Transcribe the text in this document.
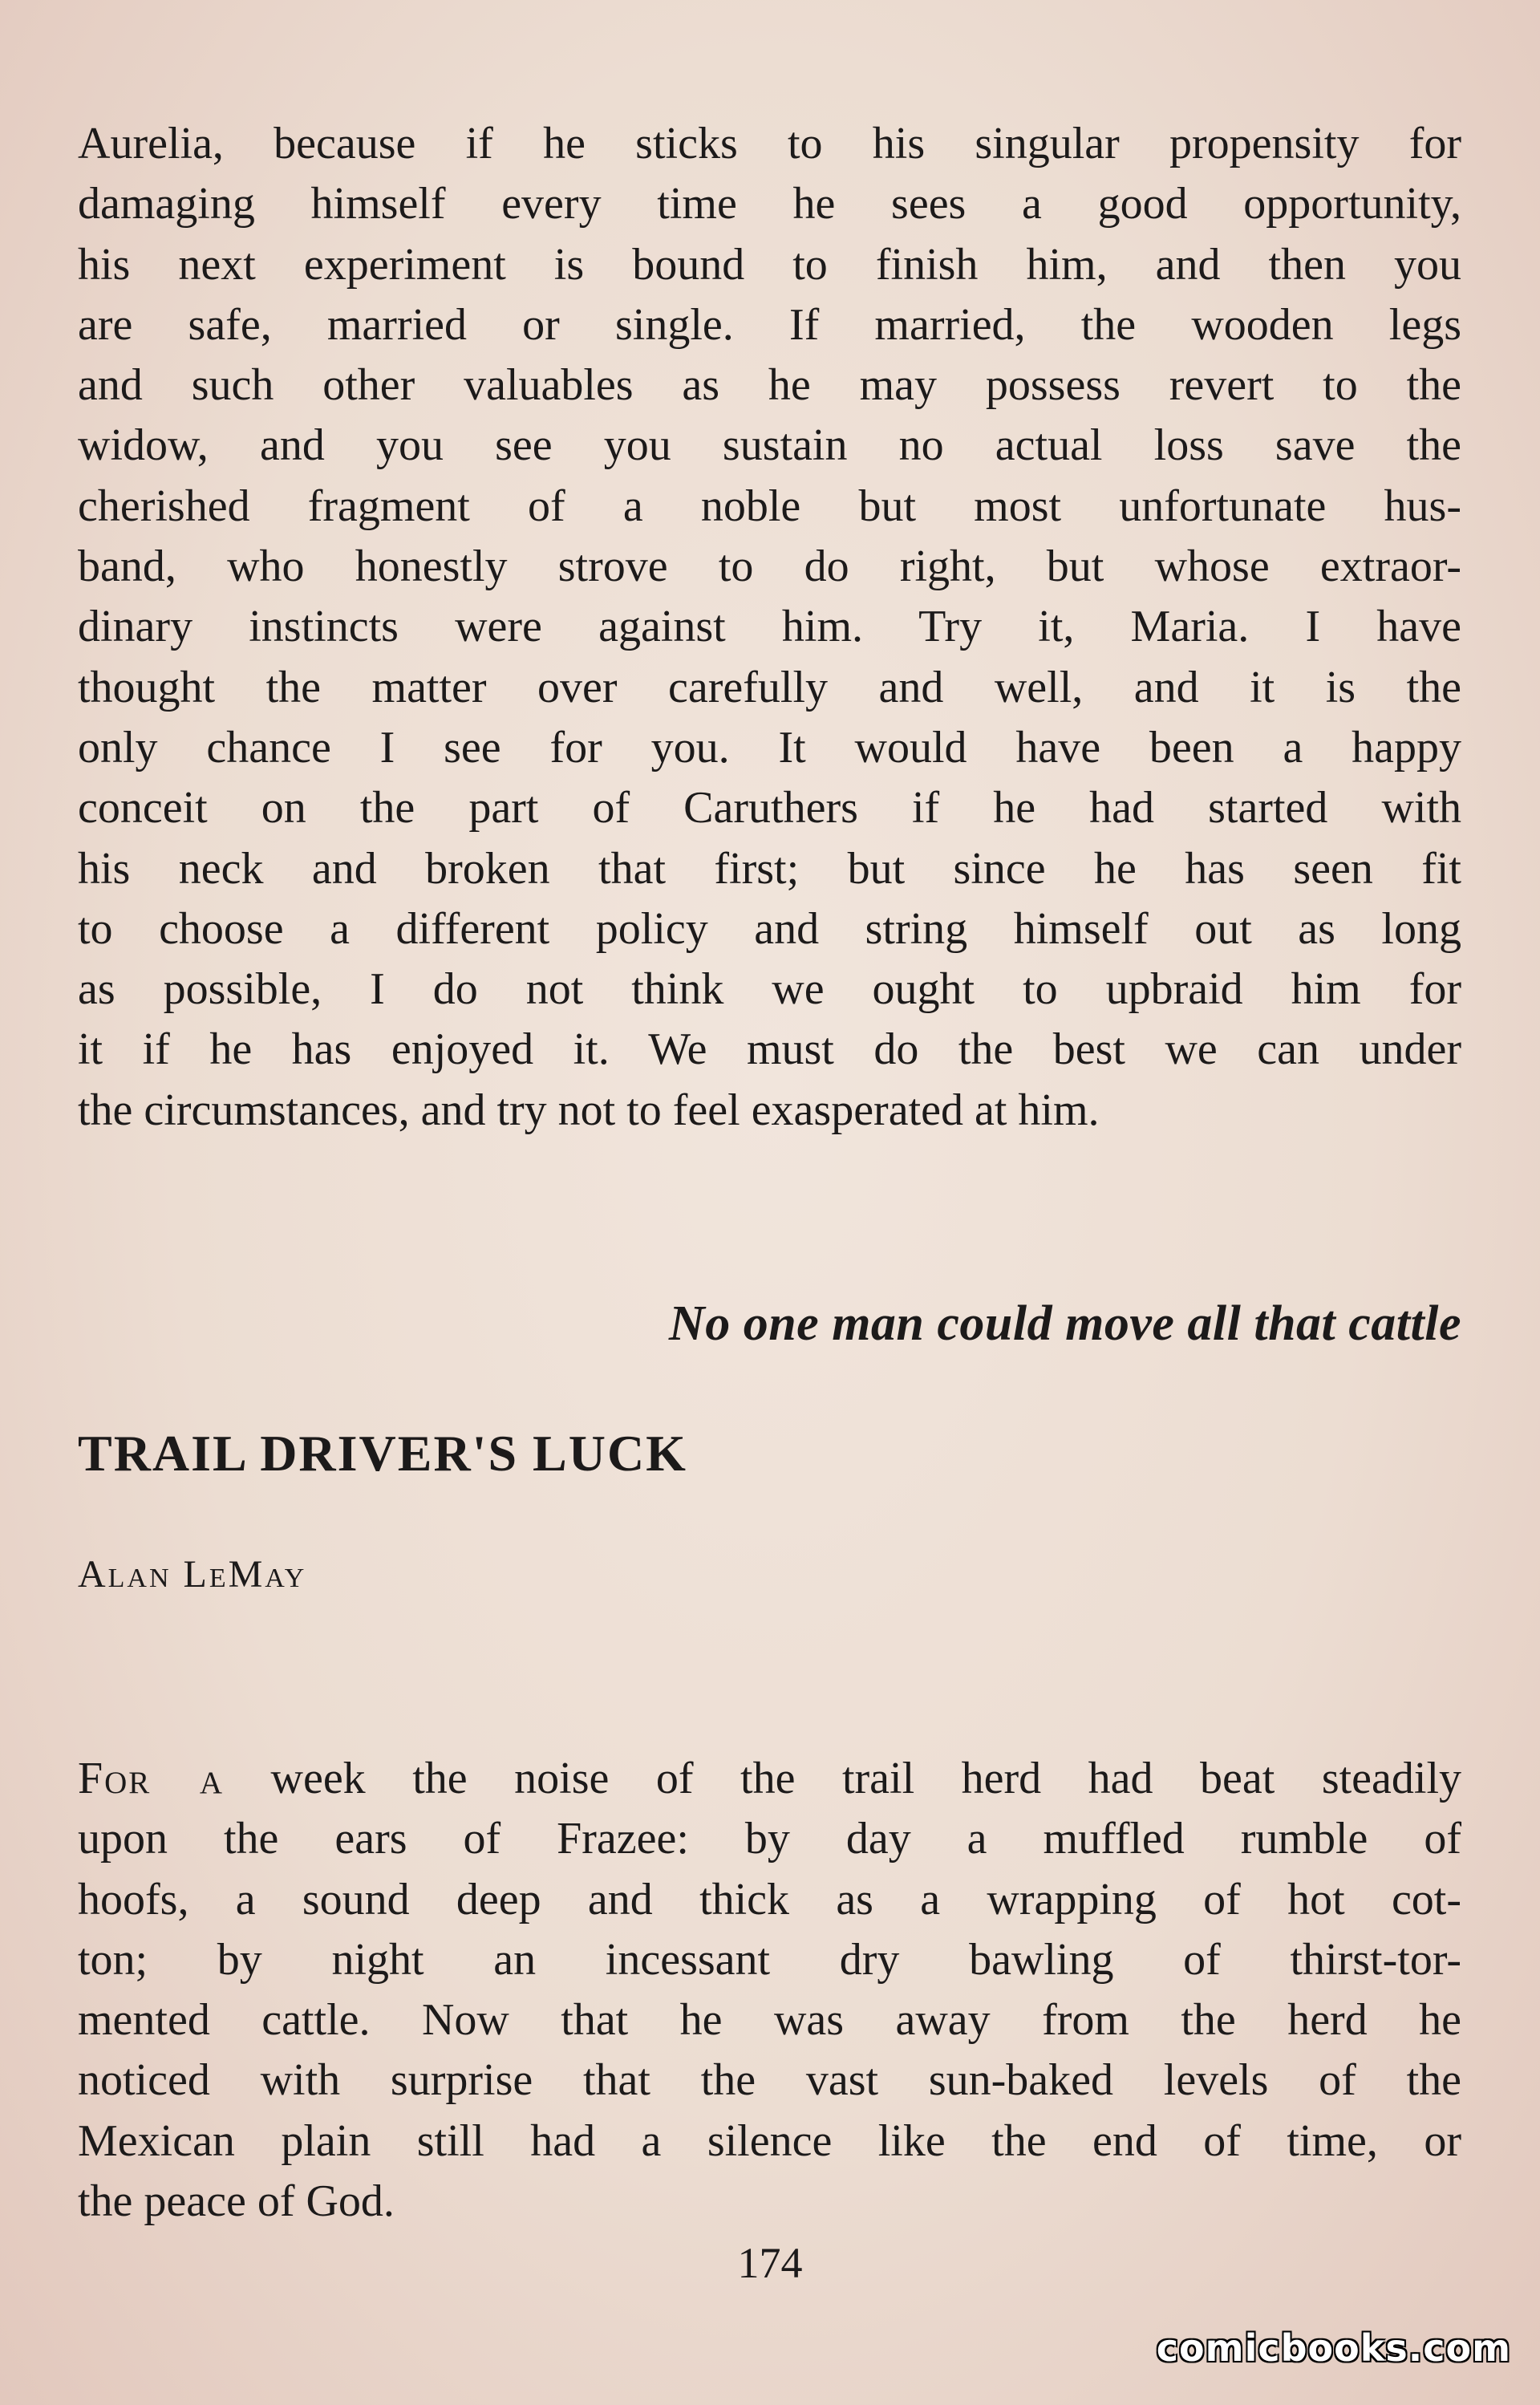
Aurelia, because if he sticks to his singular propensity for
damaging himself every time he sees a good opportunity,
his next experiment is bound to finish him, and then you
are safe, married or single. If married, the wooden legs
and such other valuables as he may possess revert to the
widow, and you see you sustain no actual loss save the
cherished fragment of a noble but most unfortunate hus-
band, who honestly strove to do right, but whose extraor-
dinary instincts were against him. Try it, Maria. I have
thought the matter over carefully and well, and it is the
only chance I see for you. It would have been a happy
conceit on the part of Caruthers if he had started with
his neck and broken that first; but since he has seen fit
to choose a different policy and string himself out as long
as possible, I do not think we ought to upbraid him for
it if he has enjoyed it. We must do the best we can under
the circumstances, and try not to feel exasperated at him.

No one man could move all that cattle

TRAIL DRIVER'S LUCK

Alan LeMay

For a week the noise of the trail herd had beat steadily
upon the ears of Frazee: by day a muffled rumble of
hoofs, a sound deep and thick as a wrapping of hot cot-
ton; by night an incessant dry bawling of thirst-tor-
mented cattle. Now that he was away from the herd he
noticed with surprise that the vast sun-baked levels of the
Mexican plain still had a silence like the end of time, or
the peace of God.

174

comicbooks.com
